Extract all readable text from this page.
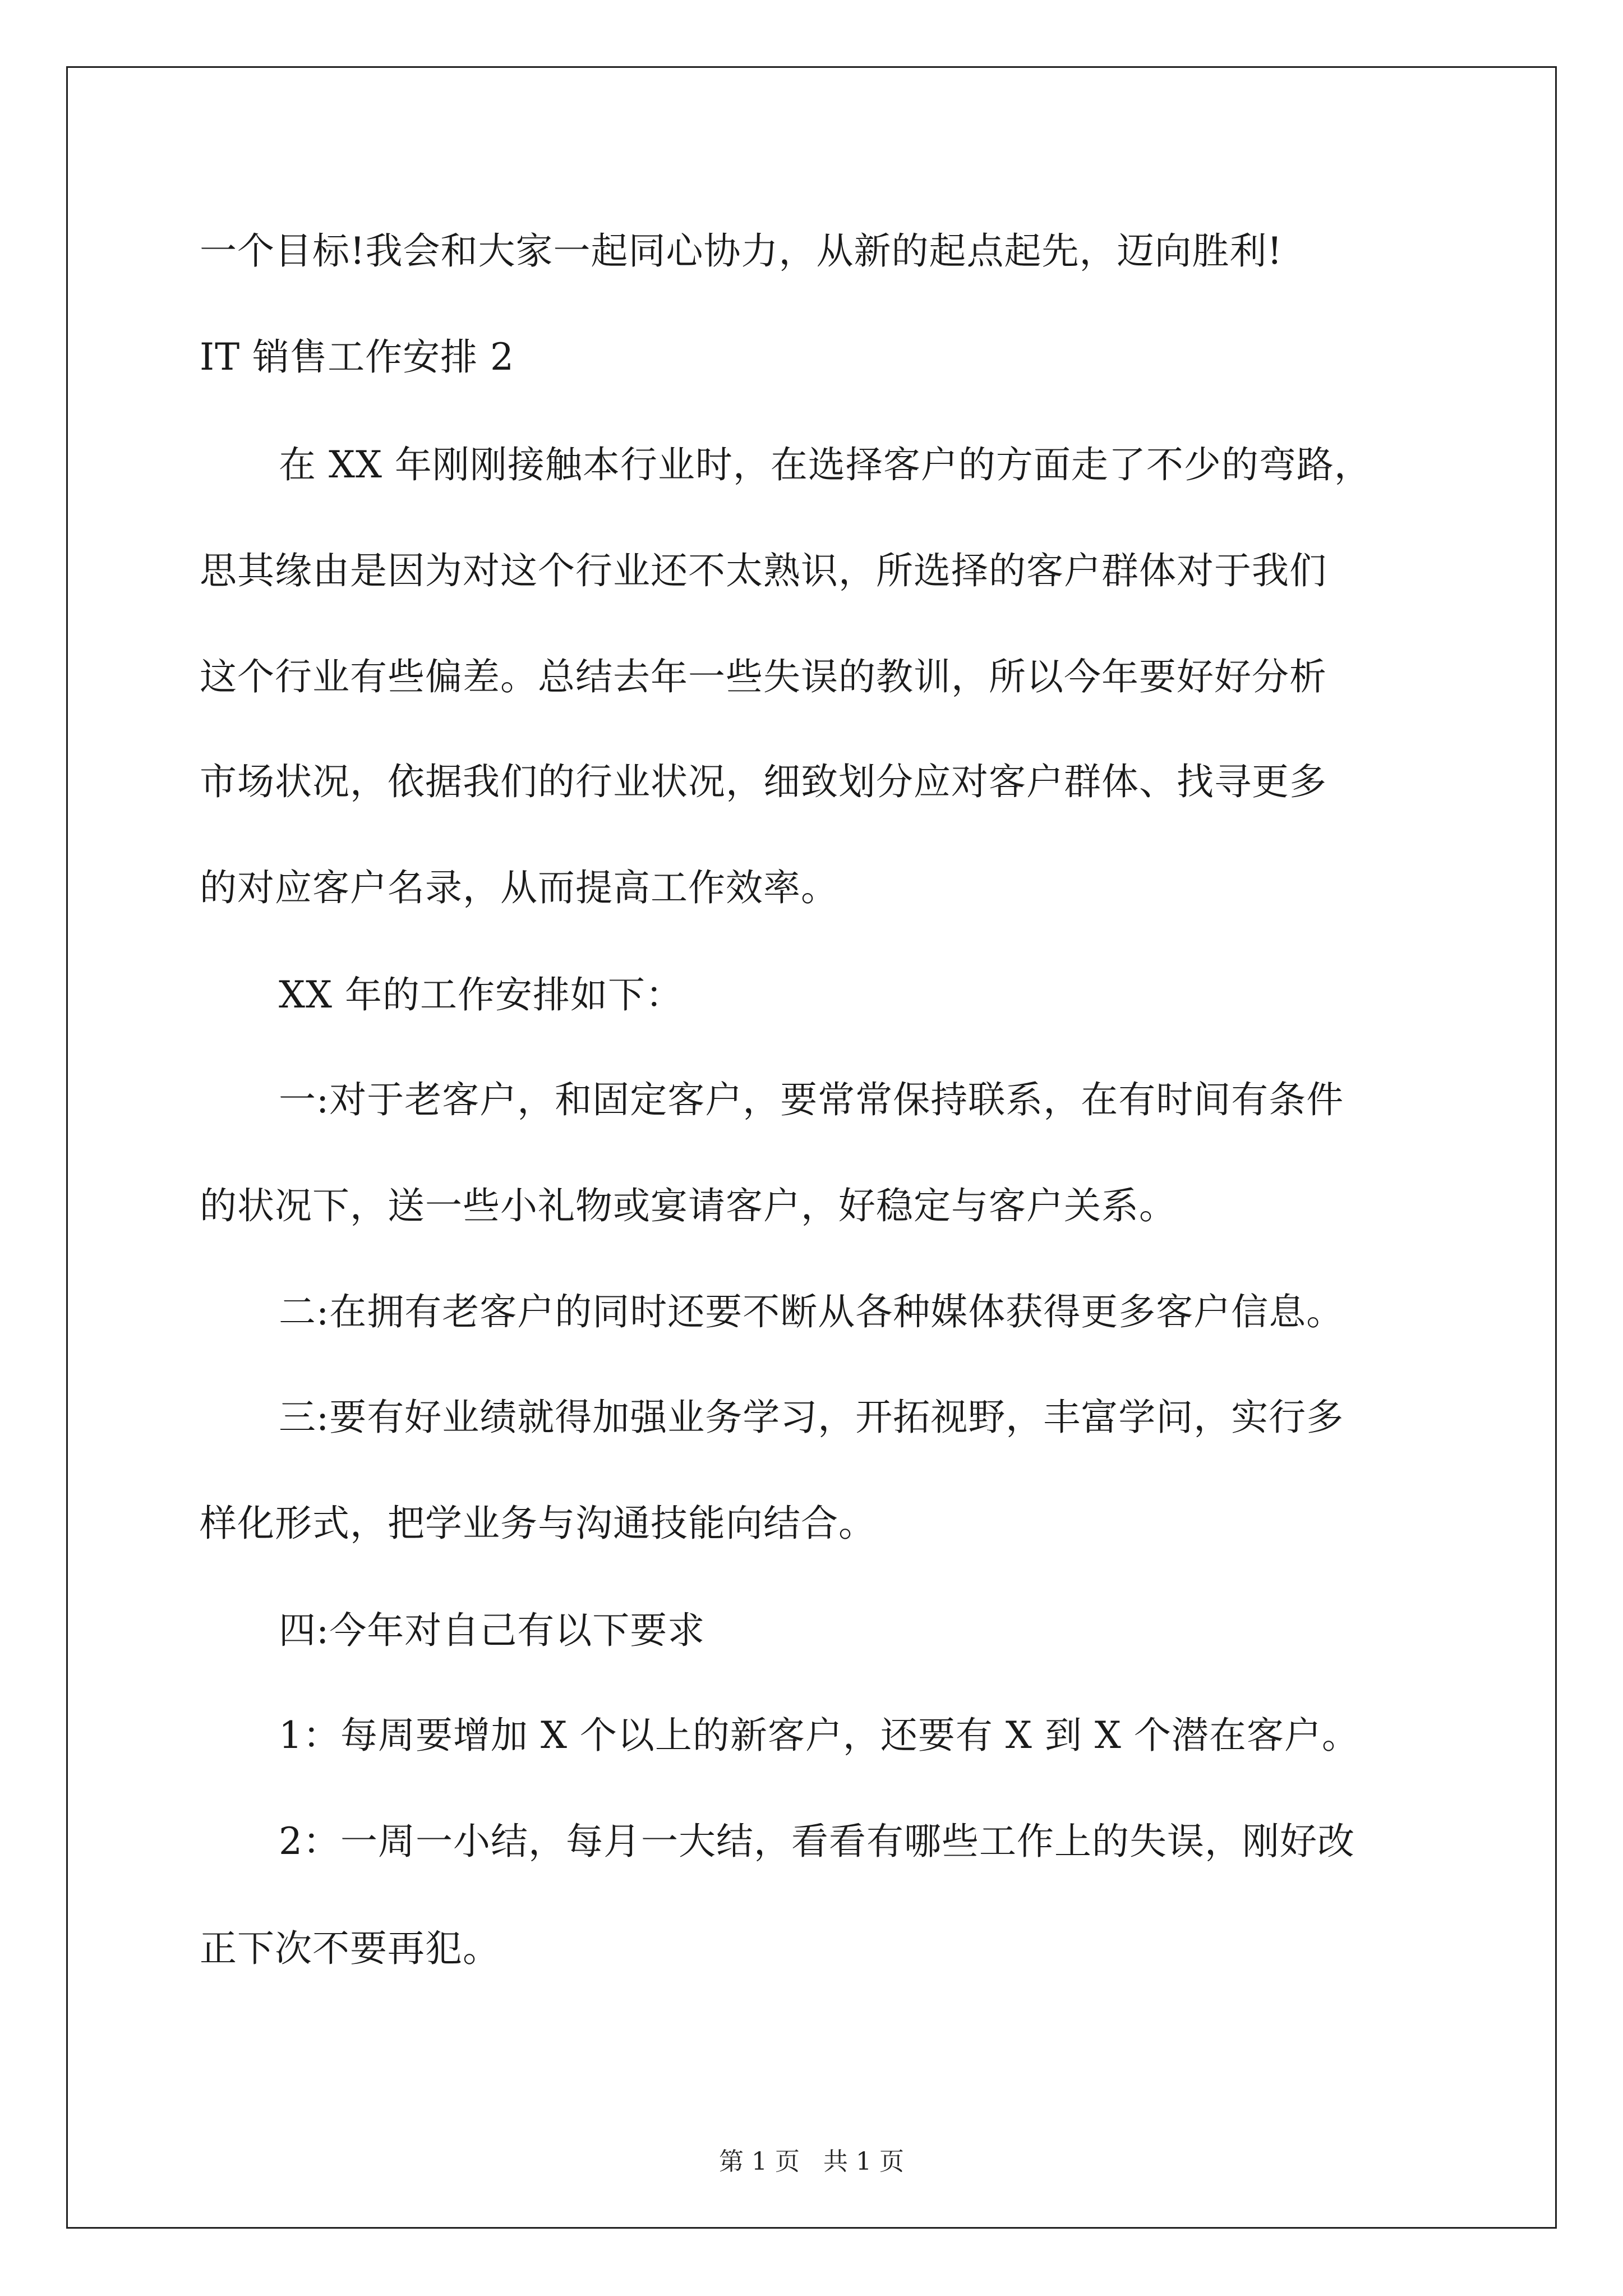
一个目标!我会和大家一起同心协力，从新的起点起先，迈向胜利!
IT 销售工作安排 2
在 XX 年刚刚接触本行业时，在选择客户的方面走了不少的弯路，
思其缘由是因为对这个行业还不太熟识，所选择的客户群体对于我们
这个行业有些偏差。总结去年一些失误的教训，所以今年要好好分析
市场状况，依据我们的行业状况，细致划分应对客户群体、找寻更多
的对应客户名录，从而提高工作效率。
XX 年的工作安排如下：
一:对于老客户，和固定客户，要常常保持联系，在有时间有条件
的状况下，送一些小礼物或宴请客户，好稳定与客户关系。
二:在拥有老客户的同时还要不断从各种媒体获得更多客户信息。
三:要有好业绩就得加强业务学习，开拓视野，丰富学问，实行多
样化形式，把学业务与沟通技能向结合。
四:今年对自己有以下要求
1：每周要增加 X 个以上的新客户，还要有 X 到 X 个潜在客户。
2：一周一小结，每月一大结，看看有哪些工作上的失误，刚好改
正下次不要再犯。
第 1 页   共 1 页
